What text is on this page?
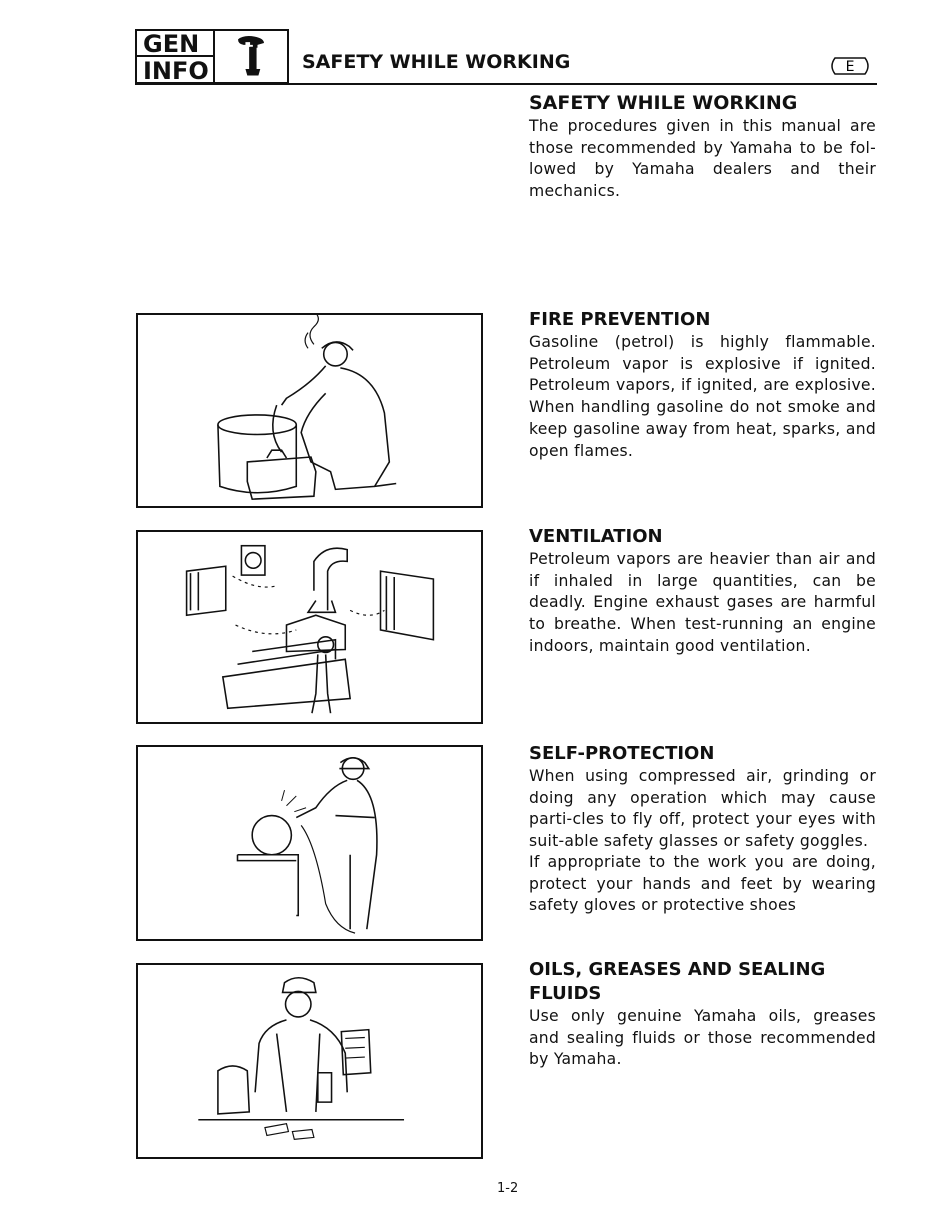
GEN
INFO	SAFETY WHILE WORKING	E
SAFETY WHILE WORKING
The procedures given in this manual are those recommended by Yamaha to be fol-lowed by Yamaha dealers and their mechanics.
FIRE PREVENTION
Gasoline (petrol) is highly flammable. Petroleum vapor is explosive if ignited. Petroleum vapors, if ignited, are explosive. When handling gasoline do not smoke and keep gasoline away from heat, sparks, and open flames.
VENTILATION
Petroleum vapors are heavier than air and if inhaled in large quantities, can be deadly. Engine exhaust gases are harmful to breathe. When test-running an engine indoors, maintain good ventilation.
SELF-PROTECTION
When using compressed air, grinding or doing any operation which may cause parti-cles to fly off, protect your eyes with suit-able safety glasses or safety goggles.
If appropriate to the work you are doing, protect your hands and feet by wearing safety gloves or protective shoes
OILS, GREASES AND SEALING FLUIDS
Use only genuine Yamaha oils, greases and sealing fluids or those recommended by Yamaha.
1-2
